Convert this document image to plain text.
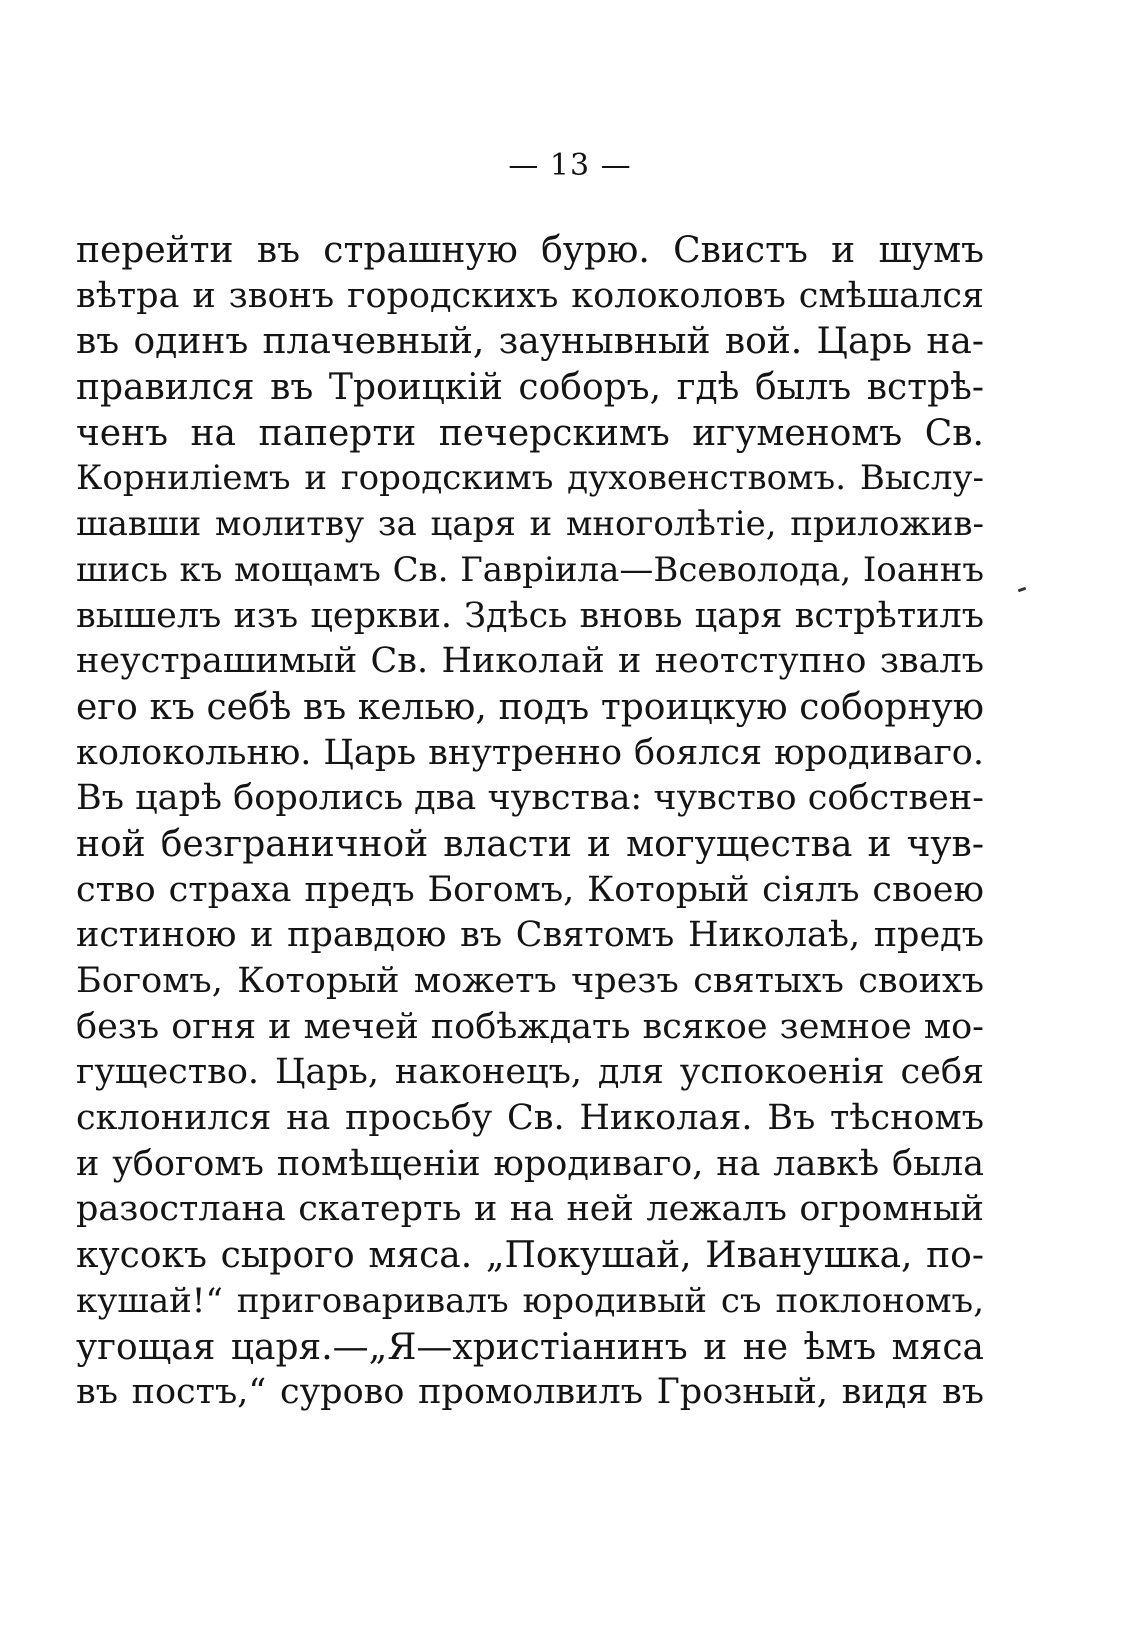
— 13 —
перейти въ страшную бурю. Свистъ и шумъ
вѣтра и звонъ городскихъ колоколовъ смѣшался
въ одинъ плачевный, заунывный вой. Царь на-
правился въ Троицкій соборъ, гдѣ былъ встрѣ-
ченъ на паперти печерскимъ игуменомъ Св.
Корниліемъ и городскимъ духовенствомъ. Выслу-
шавши молитву за царя и многолѣтіе, приложив-
шись къ мощамъ Св. Гавріила—Всеволода, Іоаннъ
вышелъ изъ церкви. Здѣсь вновь царя встрѣтилъ
неустрашимый Св. Николай и неотступно звалъ
его къ себѣ въ келью, подъ троицкую соборную
колокольню. Царь внутренно боялся юродиваго.
Въ царѣ боролись два чувства: чувство собствен-
ной безграничной власти и могущества и чув-
ство страха предъ Богомъ, Который сіялъ своею
истиною и правдою въ Святомъ Николаѣ, предъ
Богомъ, Который можетъ чрезъ святыхъ своихъ
безъ огня и мечей побѣждать всякое земное мо-
гущество. Царь, наконецъ, для успокоенія себя
склонился на просьбу Св. Николая. Въ тѣсномъ
и убогомъ помѣщеніи юродиваго, на лавкѣ была
разостлана скатерть и на ней лежалъ огромный
кусокъ сырого мяса. „Покушай, Иванушка, по-
кушай!“ приговаривалъ юродивый съ поклономъ,
угощая царя.—„Я—христіанинъ и не ѣмъ мяса
въ постъ,“ сурово промолвилъ Грозный, видя въ
